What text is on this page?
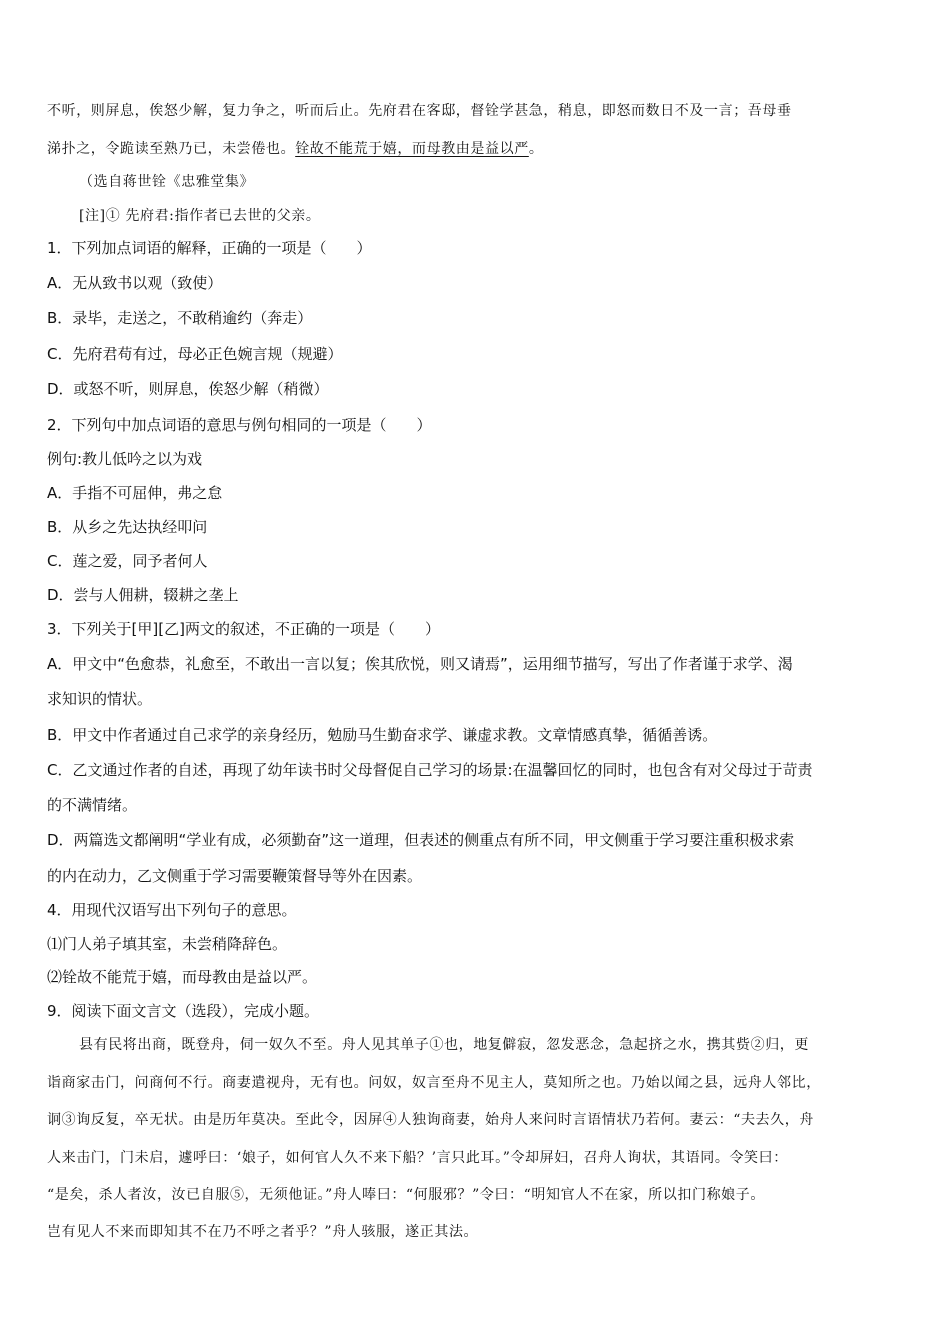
不听，则屏息，俟怒少解，复力争之，听而后止。先府君在客邸，督铨学甚急，稍息，即怒而数日不及一言；吾母垂
涕扑之，令跪读至熟乃已，未尝倦也。铨故不能荒于嬉，而母教由是益以严。
（选自蒋世铨《忠雅堂集》
[注]① 先府君:指作者已去世的父亲。
1．下列加点词语的解释，正确的一项是（　　）
A．无从致书以观（致使）
B．录毕，走送之，不敢稍逾约（奔走）
C．先府君苟有过，母必正色婉言规（规避）
D．或怒不听，则屏息，俟怒少解（稍微）
2．下列句中加点词语的意思与例句相同的一项是（　　）
例句:教儿低吟之以为戏
A．手指不可屈伸，弗之怠
B．从乡之先达执经叩问
C．莲之爱，同予者何人
D．尝与人佣耕，辍耕之垄上
3．下列关于[甲][乙]两文的叙述，不正确的一项是（　　）
A．甲文中“色愈恭，礼愈至，不敢出一言以复；俟其欣悦，则又请焉”，运用细节描写，写出了作者谨于求学、渴
求知识的情状。
B．甲文中作者通过自己求学的亲身经历，勉励马生勤奋求学、谦虚求教。文章情感真挚，循循善诱。
C．乙文通过作者的自述，再现了幼年读书时父母督促自己学习的场景:在温馨回忆的同时，也包含有对父母过于苛责
的不满情绪。
D．两篇选文都阐明“学业有成，必须勤奋”这一道理，但表述的侧重点有所不同，甲文侧重于学习要注重积极求索
的内在动力，乙文侧重于学习需要鞭策督导等外在因素。
4．用现代汉语写出下列句子的意思。
⑴门人弟子填其室，未尝稍降辞色。
⑵铨故不能荒于嬉，而母教由是益以严。
9．阅读下面文言文（选段），完成小题。
县有民将出商，既登舟，伺一奴久不至。舟人见其单子①也，地复僻寂，忽发恶念，急起挤之水，携其赀②归，更
诣商家击门，问商何不行。商妻遣视舟，无有也。问奴，奴言至舟不见主人，莫知所之也。乃始以闻之县，远舟人邻比，
诇③询反复，卒无状。由是历年莫决。至此令，因屏④人独询商妻，始舟人来问时言语情状乃若何。妻云：“夫去久，舟
人来击门，门未启，遽呼曰：‘娘子，如何官人久不来下船？’言只此耳。”令却屏妇，召舟人询状，其语同。令笑曰：
“是矣，杀人者汝，汝已自服⑤，无须他证。”舟人唪曰：“何服邪？”令曰：“明知官人不在家，所以扣门称娘子。
岂有见人不来而即知其不在乃不呼之者乎？”舟人骇服，遂正其法。
